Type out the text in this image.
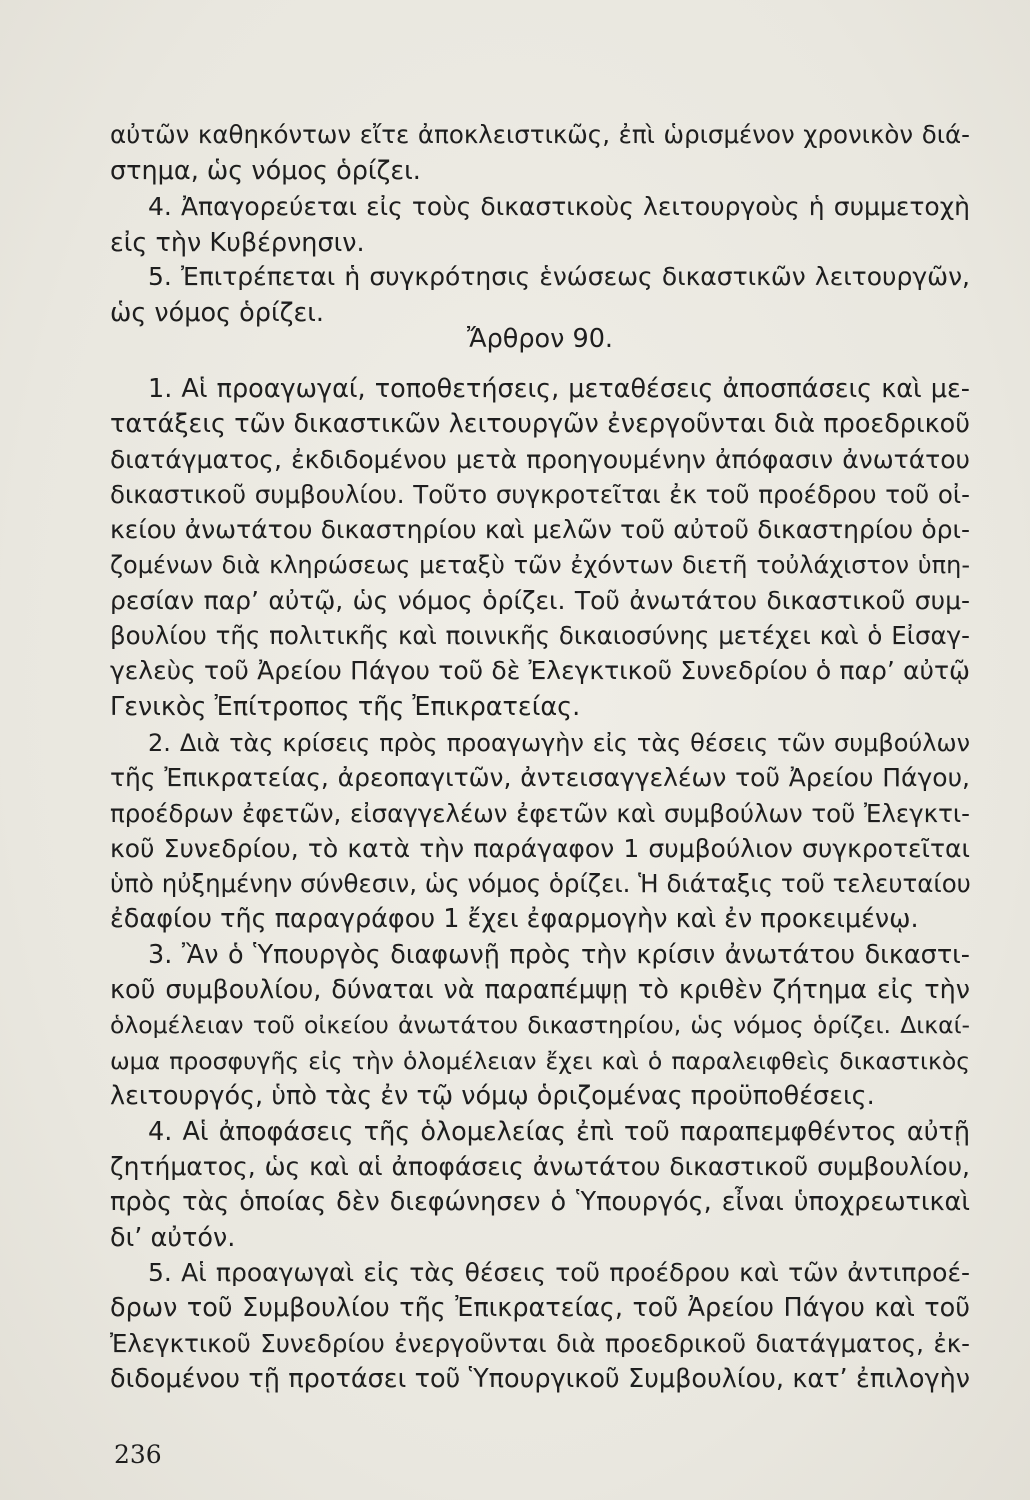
αὐτῶν καθηκόντων εἴτε ἀποκλειστικῶς, ἐπὶ ὡρισμένον χρονικὸν διά-
στημα, ὡς νόμος ὁρίζει.
4. Ἀπαγορεύεται εἰς τοὺς δικαστικοὺς λειτουργοὺς ἡ συμμετοχὴ
εἰς τὴν Κυβέρνησιν.
5. Ἐπιτρέπεται ἡ συγκρότησις ἑνώσεως δικαστικῶν λειτουργῶν,
ὡς νόμος ὁρίζει.
Ἄρθρον 90.
1. Αἱ προαγωγαί, τοποθετήσεις, μεταθέσεις ἀποσπάσεις καὶ με-
τατάξεις τῶν δικαστικῶν λειτουργῶν ἐνεργοῦνται διὰ προεδρικοῦ
διατάγματος, ἐκδιδομένου μετὰ προηγουμένην ἀπόφασιν ἀνωτάτου
δικαστικοῦ συμβουλίου. Τοῦτο συγκροτεῖται ἐκ τοῦ προέδρου τοῦ οἰ-
κείου ἀνωτάτου δικαστηρίου καὶ μελῶν τοῦ αὐτοῦ δικαστηρίου ὁρι-
ζομένων διὰ κληρώσεως μεταξὺ τῶν ἐχόντων διετῆ τοὐλάχιστον ὑπη-
ρεσίαν παρ’ αὐτῷ, ὡς νόμος ὁρίζει. Τοῦ ἀνωτάτου δικαστικοῦ συμ-
βουλίου τῆς πολιτικῆς καὶ ποινικῆς δικαιοσύνης μετέχει καὶ ὁ Εἰσαγ-
γελεὺς τοῦ Ἀρείου Πάγου τοῦ δὲ Ἐλεγκτικοῦ Συνεδρίου ὁ παρ’ αὐτῷ
Γενικὸς Ἐπίτροπος τῆς Ἐπικρατείας.
2. Διὰ τὰς κρίσεις πρὸς προαγωγὴν εἰς τὰς θέσεις τῶν συμβούλων
τῆς Ἐπικρατείας, ἀρεοπαγιτῶν, ἀντεισαγγελέων τοῦ Ἀρείου Πάγου,
προέδρων ἐφετῶν, εἰσαγγελέων ἐφετῶν καὶ συμβούλων τοῦ Ἐλεγκτι-
κοῦ Συνεδρίου, τὸ κατὰ τὴν παράγαφον 1 συμβούλιον συγκροτεῖται
ὑπὸ ηὐξημένην σύνθεσιν, ὡς νόμος ὁρίζει. Ἡ διάταξις τοῦ τελευταίου
ἐδαφίου τῆς παραγράφου 1 ἔχει ἐφαρμογὴν καὶ ἐν προκειμένῳ.
3. Ἂν ὁ Ὑπουργὸς διαφωνῇ πρὸς τὴν κρίσιν ἀνωτάτου δικαστι-
κοῦ συμβουλίου, δύναται νὰ παραπέμψῃ τὸ κριθὲν ζήτημα εἰς τὴν
ὁλομέλειαν τοῦ οἰκείου ἀνωτάτου δικαστηρίου, ὡς νόμος ὁρίζει. Δικαί-
ωμα προσφυγῆς εἰς τὴν ὁλομέλειαν ἔχει καὶ ὁ παραλειφθεὶς δικαστικὸς
λειτουργός, ὑπὸ τὰς ἐν τῷ νόμῳ ὁριζομένας προϋποθέσεις.
4. Αἱ ἀποφάσεις τῆς ὁλομελείας ἐπὶ τοῦ παραπεμφθέντος αὐτῇ
ζητήματος, ὡς καὶ αἱ ἀποφάσεις ἀνωτάτου δικαστικοῦ συμβουλίου,
πρὸς τὰς ὁποίας δὲν διεφώνησεν ὁ Ὑπουργός, εἶναι ὑποχρεωτικαὶ
δι’ αὐτόν.
5. Αἱ προαγωγαὶ εἰς τὰς θέσεις τοῦ προέδρου καὶ τῶν ἀντιπροέ-
δρων τοῦ Συμβουλίου τῆς Ἐπικρατείας, τοῦ Ἀρείου Πάγου καὶ τοῦ
Ἐλεγκτικοῦ Συνεδρίου ἐνεργοῦνται διὰ προεδρικοῦ διατάγματος, ἐκ-
διδομένου τῇ προτάσει τοῦ Ὑπουργικοῦ Συμβουλίου, κατ’ ἐπιλογὴν
236
